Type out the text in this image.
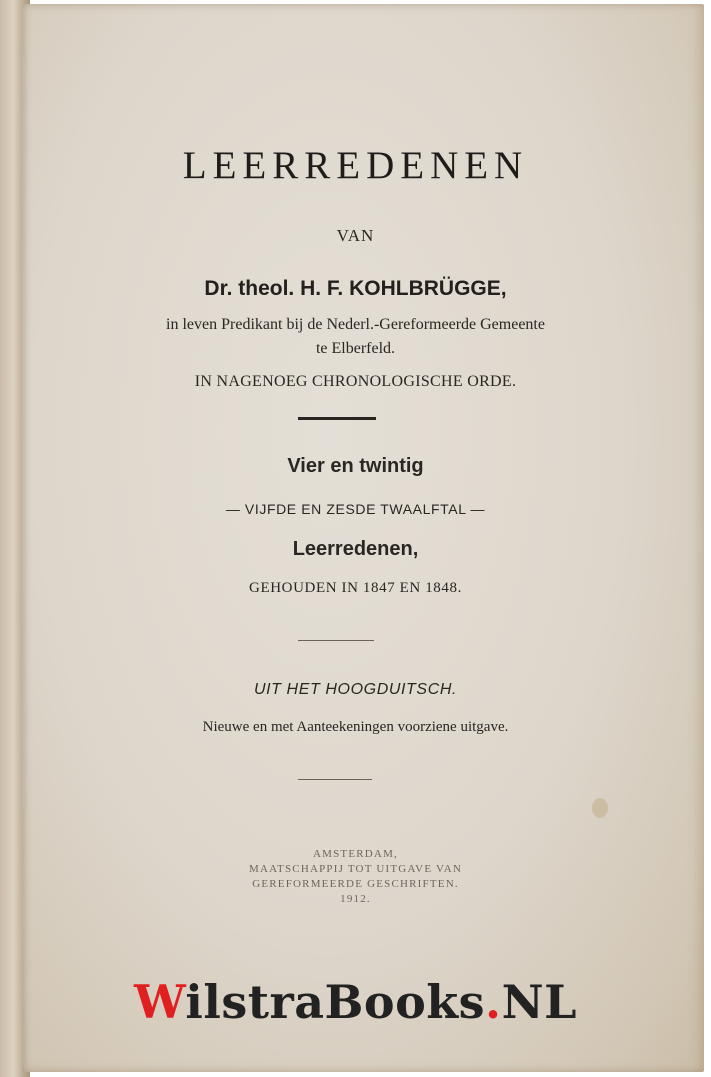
LEERREDENEN
VAN
Dr. theol. H. F. KOHLBRÜGGE,
in leven Predikant bij de Nederl.-Gereformeerde Gemeente
te Elberfeld.
IN NAGENOEG CHRONOLOGISCHE ORDE.
Vier en twintig
— VIJFDE EN ZESDE TWAALFTAL —
Leerredenen,
GEHOUDEN IN 1847 EN 1848.
UIT HET HOOGDUITSCH.
Nieuwe en met Aanteekeningen voorziene uitgave.
AMSTERDAM,
MAATSCHAPPIJ TOT UITGAVE VAN
GEREFORMEERDE GESCHRIFTEN.
1912.
WilstraBooks.NL
